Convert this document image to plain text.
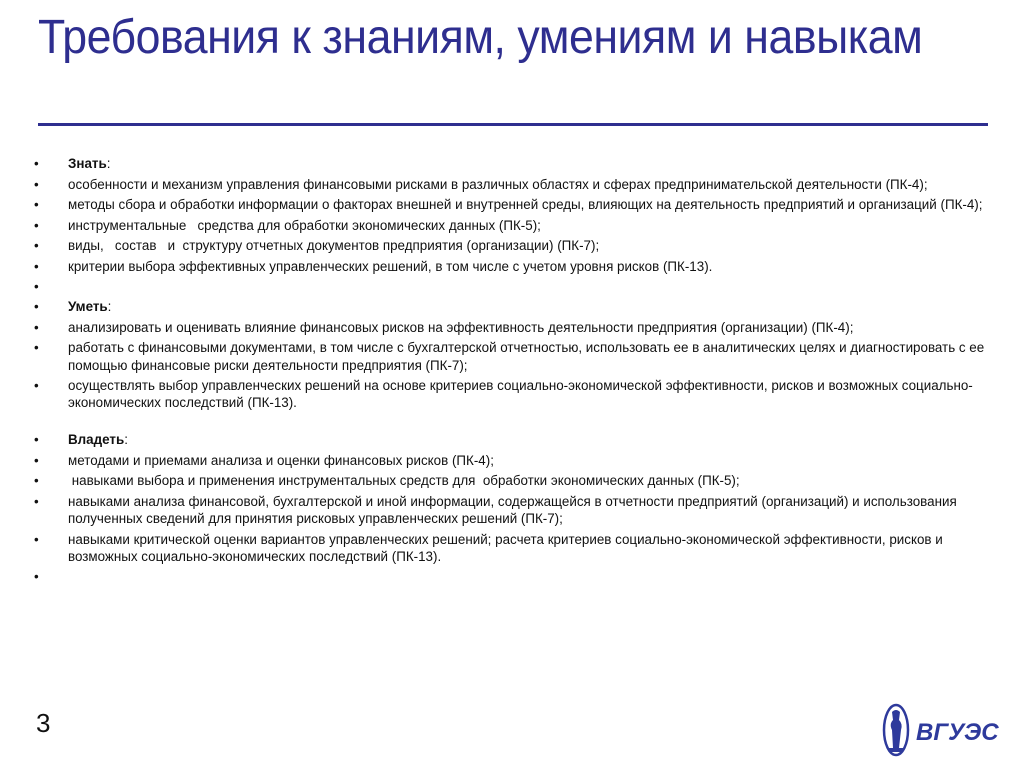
Требования к знаниям, умениям и навыкам
•	Знать:
•	особенности и механизм управления финансовыми рисками в различных областях и сферах предпринимательской деятельности (ПК-4);
•	методы сбора и обработки информации о факторах внешней и внутренней среды, влияющих на деятельность предприятий и организаций (ПК-4);
•	инструментальные   средства для обработки экономических данных (ПК-5);
•	виды,   состав   и  структуру отчетных документов предприятия (организации) (ПК-7);
•	критерии выбора эффективных управленческих решений, в том числе с учетом уровня рисков (ПК-13).
•
•	Уметь:
•	анализировать и оценивать влияние финансовых рисков на эффективность деятельности предприятия (организации) (ПК-4);
•	работать с финансовыми документами, в том числе с бухгалтерской отчетностью, использовать ее в аналитических целях и диагностировать с ее помощью финансовые риски деятельности предприятия (ПК-7);
•	осуществлять выбор управленческих решений на основе критериев социально-экономической эффективности, рисков и возможных социально-экономических последствий (ПК-13).
•	Владеть:
•	методами и приемами анализа и оценки финансовых рисков (ПК-4);
•	навыками выбора и применения инструментальных средств для  обработки экономических данных (ПК-5);
•	навыками анализа финансовой, бухгалтерской и иной информации, содержащейся в отчетности предприятий (организаций) и использования полученных сведений для принятия рисковых управленческих решений (ПК-7);
•	навыками критической оценки вариантов управленческих решений; расчета критериев социально-экономической эффективности, рисков и возможных социально-экономических последствий (ПК-13).
•
3	ВГУЭС
